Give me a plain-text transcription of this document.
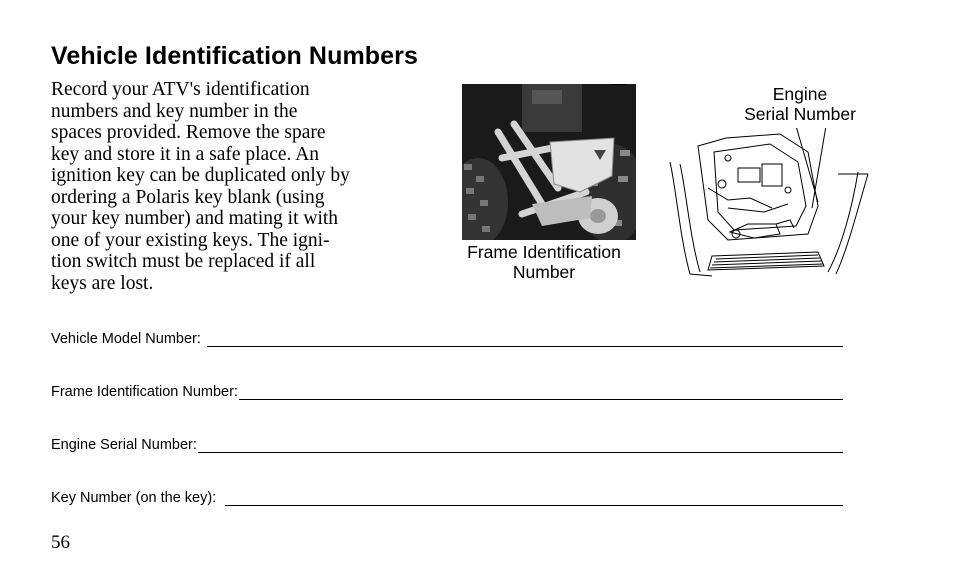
Vehicle Identification Numbers
Record your ATV's identification
numbers and key number in the
spaces provided. Remove the spare
key and store it in a safe place. An
ignition key can be duplicated only by
ordering a Polaris key blank (using
your key number) and mating it with
one of your existing keys. The igni-
tion switch must be replaced if all
keys are lost.
Frame Identification
Number
Engine
Serial Number
Vehicle Model Number:
Frame Identification Number:
Engine Serial Number:
Key Number (on the key):
56
